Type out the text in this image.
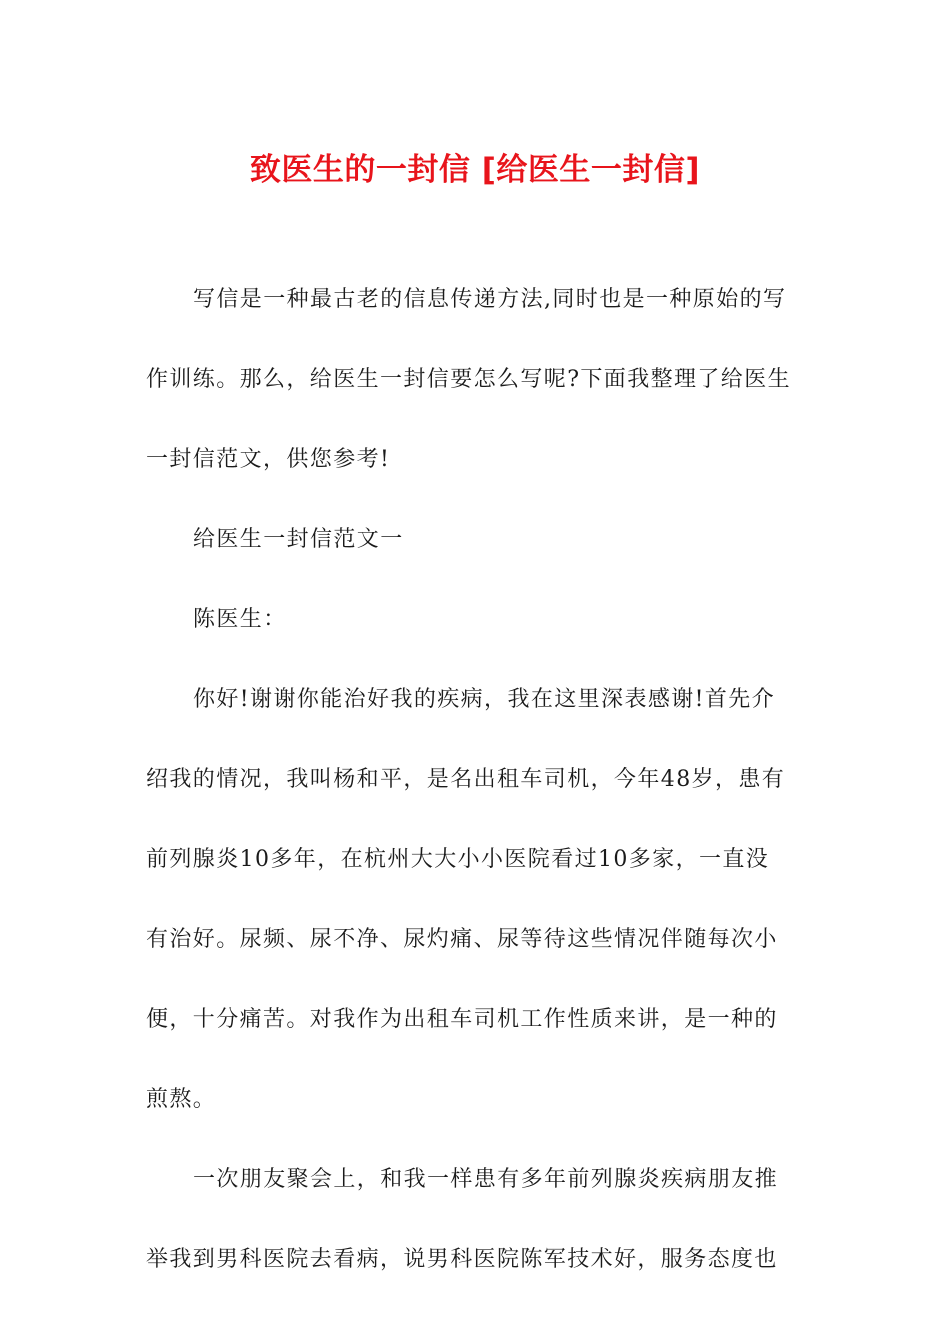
致医生的一封信 [给医生一封信]
写信是一种最古老的信息传递方法,同时也是一种原始的写
作训练。那么，给医生一封信要怎么写呢?下面我整理了给医生
一封信范文，供您参考!
给医生一封信范文一
陈医生：
你好!谢谢你能治好我的疾病，我在这里深表感谢!首先介
绍我的情况，我叫杨和平，是名出租车司机，今年48岁，患有
前列腺炎10多年，在杭州大大小小医院看过10多家，一直没
有治好。尿频、尿不净、尿灼痛、尿等待这些情况伴随每次小
便，十分痛苦。对我作为出租车司机工作性质来讲，是一种的
煎熬。
一次朋友聚会上，和我一样患有多年前列腺炎疾病朋友推
举我到男科医院去看病，说男科医院陈军技术好，服务态度也
